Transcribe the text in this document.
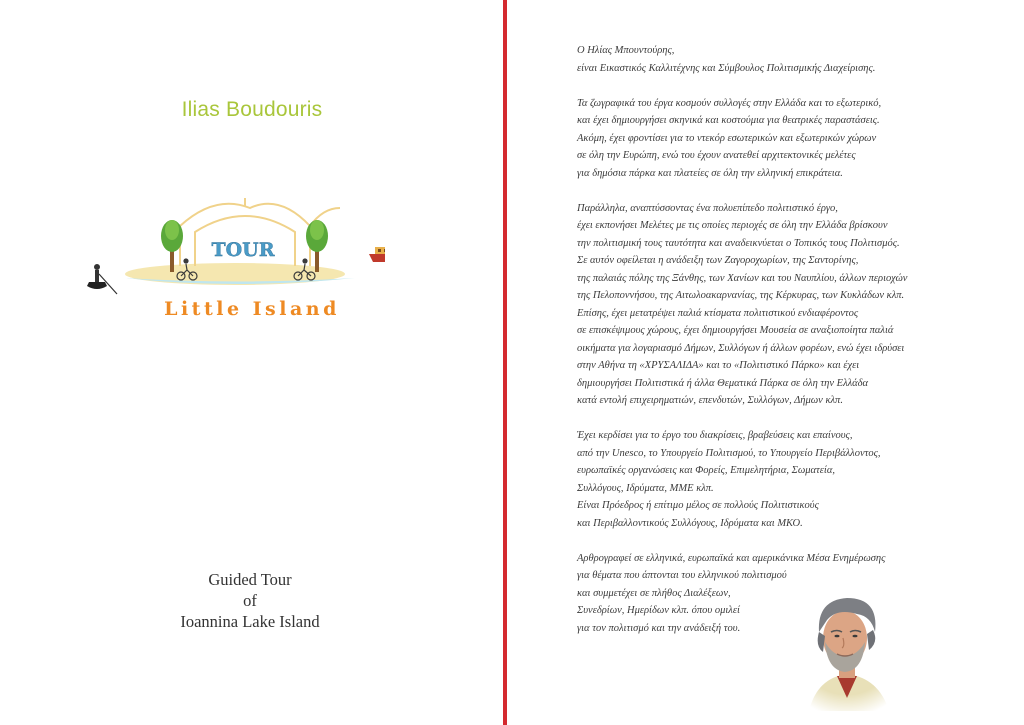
Ilias Boudouris
TOUR
Little Island
Guided Tour
of
Ioannina Lake Island
Ο Ηλίας Μπουντούρης,
είναι Εικαστικός Καλλιτέχνης και Σύμβουλος Πολιτισμικής Διαχείρισης.
Τα ζωγραφικά του έργα κοσμούν συλλογές στην Ελλάδα και το εξωτερικό,
και έχει δημιουργήσει σκηνικά και κοστούμια για θεατρικές παραστάσεις.
Ακόμη, έχει φροντίσει για το ντεκόρ εσωτερικών και εξωτερικών χώρων
σε όλη την Ευρώπη, ενώ του έχουν ανατεθεί αρχιτεκτονικές μελέτες
για δημόσια πάρκα και πλατείες σε όλη την ελληνική επικράτεια.
Παράλληλα, αναπτύσσοντας ένα πολυεπίπεδο πολιτιστικό έργο,
έχει εκπονήσει Μελέτες με τις οποίες περιοχές σε όλη την Ελλάδα βρίσκουν
την πολιτισμική τους ταυτότητα και αναδεικνύεται ο Τοπικός τους Πολιτισμός.
Σε αυτόν οφείλεται η ανάδειξη των Ζαγοροχωρίων, της Σαντορίνης,
της παλαιάς πόλης της Ξάνθης, των Χανίων και του Ναυπλίου, άλλων περιοχών
της Πελοποννήσου, της Αιτωλοακαρνανίας, της Κέρκυρας, των Κυκλάδων κλπ.
Επίσης, έχει μετατρέψει παλιά κτίσματα πολιτιστικού ενδιαφέροντος
σε επισκέψιμους χώρους, έχει δημιουργήσει Μουσεία σε αναξιοποίητα παλιά
οικήματα για λογαριασμό Δήμων, Συλλόγων ή άλλων φορέων, ενώ έχει ιδρύσει
στην Αθήνα τη «ΧΡΥΣΑΛΙΔΑ» και το «Πολιτιστικό Πάρκο» και έχει
δημιουργήσει Πολιτιστικά ή άλλα Θεματικά Πάρκα σε όλη την Ελλάδα
κατά εντολή επιχειρηματιών, επενδυτών, Συλλόγων, Δήμων κλπ.
Έχει κερδίσει για το έργο του διακρίσεις, βραβεύσεις και επαίνους,
από την Unesco, το Υπουργείο Πολιτισμού, το Υπουργείο Περιβάλλοντος,
ευρωπαϊκές οργανώσεις και Φορείς, Επιμελητήρια, Σωματεία,
Συλλόγους, Ιδρύματα, ΜΜΕ κλπ.
Είναι Πρόεδρος ή επίτιμο μέλος σε πολλούς Πολιτιστικούς
και Περιβαλλοντικούς Συλλόγους, Ιδρύματα και ΜΚΟ.
Αρθρογραφεί σε ελληνικά, ευρωπαϊκά και αμερικάνικα Μέσα Ενημέρωσης
για θέματα που άπτονται του ελληνικού πολιτισμού
και συμμετέχει σε πλήθος Διαλέξεων,
Συνεδρίων, Ημερίδων κλπ. όπου ομιλεί
για τον πολιτισμό και την ανάδειξή του.
